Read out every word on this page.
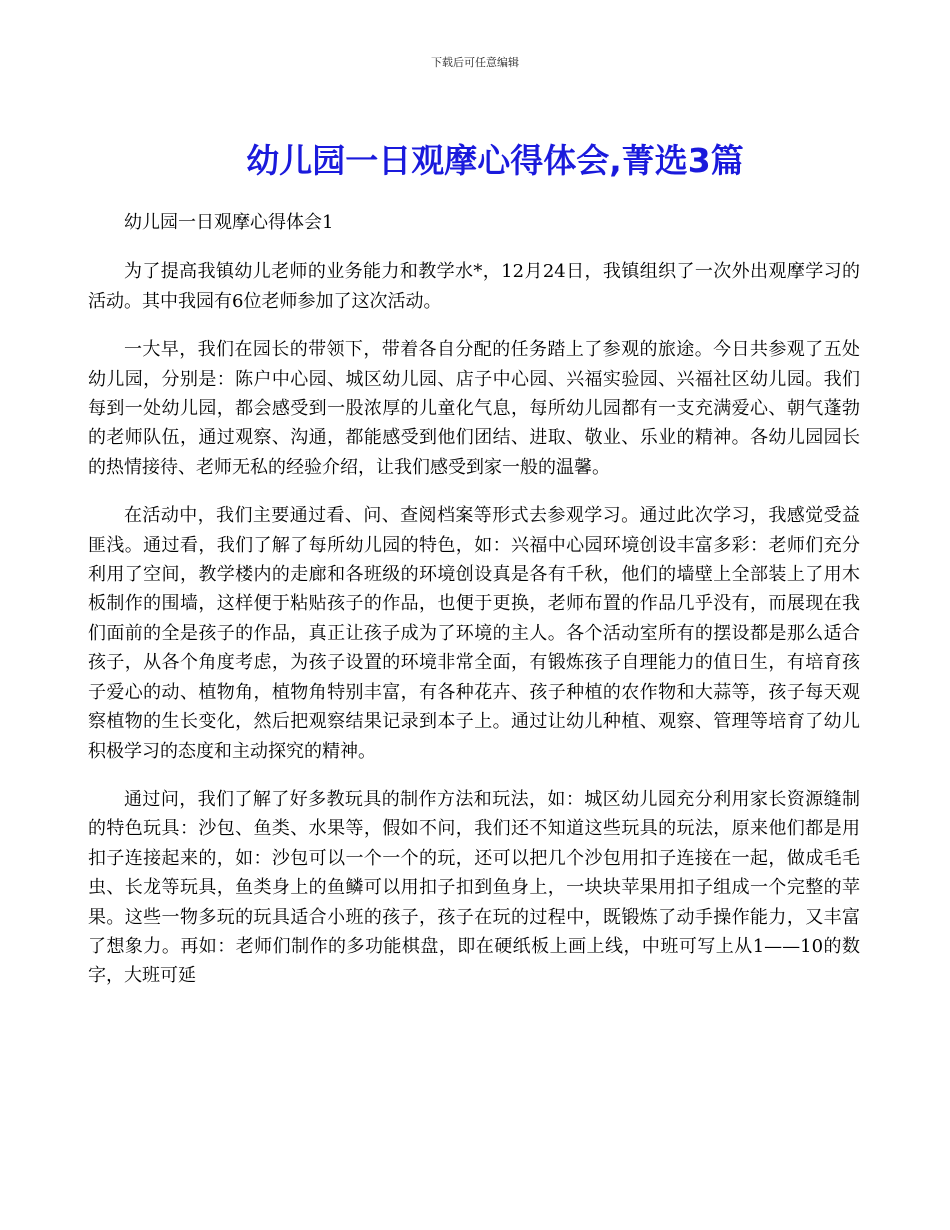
下载后可任意编辑
幼儿园一日观摩心得体会,菁选3篇

幼儿园一日观摩心得体会1

为了提高我镇幼儿老师的业务能力和教学水*，12月24日，我镇组织了一次外出观摩学习的活动。其中我园有6位老师参加了这次活动。

一大早，我们在园长的带领下，带着各自分配的任务踏上了参观的旅途。今日共参观了五处幼儿园，分别是：陈户中心园、城区幼儿园、店子中心园、兴福实验园、兴福社区幼儿园。我们每到一处幼儿园，都会感受到一股浓厚的儿童化气息，每所幼儿园都有一支充满爱心、朝气蓬勃的老师队伍，通过观察、沟通，都能感受到他们团结、进取、敬业、乐业的精神。各幼儿园园长的热情接待、老师无私的经验介绍，让我们感受到家一般的温馨。

在活动中，我们主要通过看、问、查阅档案等形式去参观学习。通过此次学习，我感觉受益匪浅。通过看，我们了解了每所幼儿园的特色，如：兴福中心园环境创设丰富多彩：老师们充分利用了空间，教学楼内的走廊和各班级的环境创设真是各有千秋，他们的墙壁上全部装上了用木板制作的围墙，这样便于粘贴孩子的作品，也便于更换，老师布置的作品几乎没有，而展现在我们面前的全是孩子的作品，真正让孩子成为了环境的主人。各个活动室所有的摆设都是那么适合孩子，从各个角度考虑，为孩子设置的环境非常全面，有锻炼孩子自理能力的值日生，有培育孩子爱心的动、植物角，植物角特别丰富，有各种花卉、孩子种植的农作物和大蒜等，孩子每天观察植物的生长变化，然后把观察结果记录到本子上。通过让幼儿种植、观察、管理等培育了幼儿积极学习的态度和主动探究的精神。

通过问，我们了解了好多教玩具的制作方法和玩法，如：城区幼儿园充分利用家长资源缝制的特色玩具：沙包、鱼类、水果等，假如不问，我们还不知道这些玩具的玩法，原来他们都是用扣子连接起来的，如：沙包可以一个一个的玩，还可以把几个沙包用扣子连接在一起，做成毛毛虫、长龙等玩具，鱼类身上的鱼鳞可以用扣子扣到鱼身上，一块块苹果用扣子组成一个完整的苹果。这些一物多玩的玩具适合小班的孩子，孩子在玩的过程中，既锻炼了动手操作能力，又丰富了想象力。再如：老师们制作的多功能棋盘，即在硬纸板上画上线，中班可写上从1——10的数字，大班可延
